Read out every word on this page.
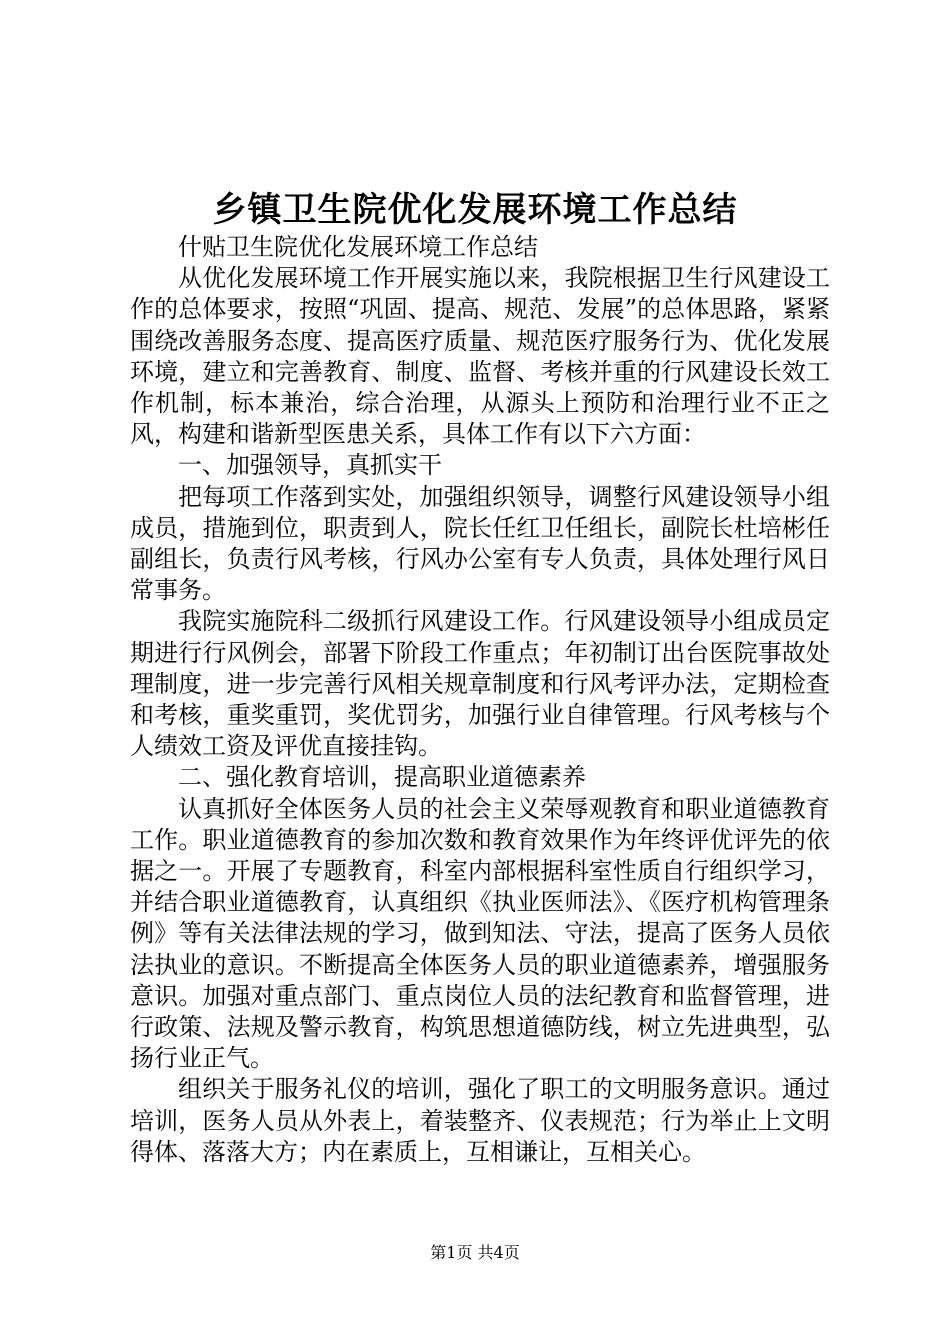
乡镇卫生院优化发展环境工作总结

什贴卫生院优化发展环境工作总结

从优化发展环境工作开展实施以来，我院根据卫生行风建设工作的总体要求，按照“巩固、提高、规范、发展”的总体思路，紧紧围绕改善服务态度、提高医疗质量、规范医疗服务行为、优化发展环境，建立和完善教育、制度、监督、考核并重的行风建设长效工作机制，标本兼治，综合治理，从源头上预防和治理行业不正之风，构建和谐新型医患关系，具体工作有以下六方面：

一、加强领导，真抓实干

把每项工作落到实处，加强组织领导，调整行风建设领导小组成员，措施到位，职责到人，院长任红卫任组长，副院长杜培彬任副组长，负责行风考核，行风办公室有专人负责，具体处理行风日常事务。

我院实施院科二级抓行风建设工作。行风建设领导小组成员定期进行行风例会，部署下阶段工作重点；年初制订出台医院事故处理制度，进一步完善行风相关规章制度和行风考评办法，定期检查和考核，重奖重罚，奖优罚劣，加强行业自律管理。行风考核与个人绩效工资及评优直接挂钩。

二、强化教育培训，提高职业道德素养

认真抓好全体医务人员的社会主义荣辱观教育和职业道德教育工作。职业道德教育的参加次数和教育效果作为年终评优评先的依据之一。开展了专题教育，科室内部根据科室性质自行组织学习，并结合职业道德教育，认真组织《执业医师法》、《医疗机构管理条例》等有关法律法规的学习，做到知法、守法，提高了医务人员依法执业的意识。不断提高全体医务人员的职业道德素养，增强服务意识。加强对重点部门、重点岗位人员的法纪教育和监督管理，进行政策、法规及警示教育，构筑思想道德防线，树立先进典型，弘扬行业正气。

组织关于服务礼仪的培训，强化了职工的文明服务意识。通过培训，医务人员从外表上，着装整齐、仪表规范；行为举止上文明得体、落落大方；内在素质上，互相谦让，互相关心。

第1页 共4页
